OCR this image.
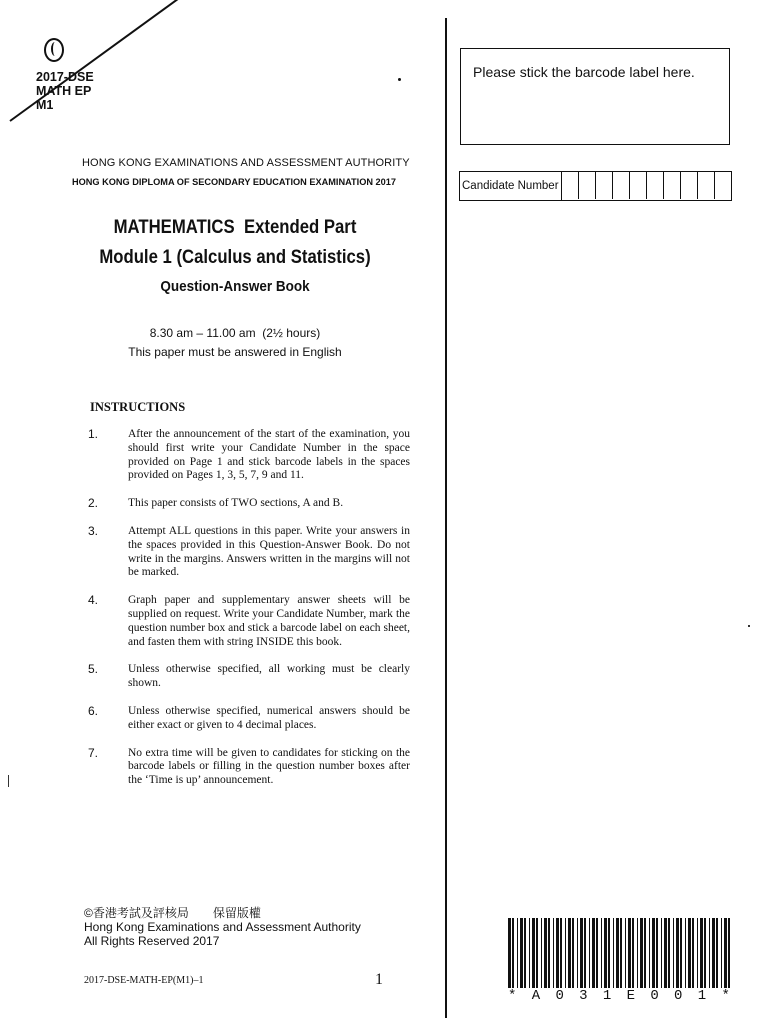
2017-DSE
MATH EP
M1
HONG KONG EXAMINATIONS AND ASSESSMENT AUTHORITY
HONG KONG DIPLOMA OF SECONDARY EDUCATION EXAMINATION 2017
Please stick the barcode label here.
Candidate Number
MATHEMATICS  Extended Part
Module 1 (Calculus and Statistics)
Question-Answer Book
8.30 am – 11.00 am  (2½ hours)
This paper must be answered in English
INSTRUCTIONS
1.	After the announcement of the start of the examination, you should first write your Candidate Number in the space provided on Page 1 and stick barcode labels in the spaces provided on Pages 1, 3, 5, 7, 9 and 11.
2.	This paper consists of TWO sections, A and B.
3.	Attempt ALL questions in this paper. Write your answers in the spaces provided in this Question-Answer Book. Do not write in the margins. Answers written in the margins will not be marked.
4.	Graph paper and supplementary answer sheets will be supplied on request. Write your Candidate Number, mark the question number box and stick a barcode label on each sheet, and fasten them with string INSIDE this book.
5.	Unless otherwise specified, all working must be clearly shown.
6.	Unless otherwise specified, numerical answers should be either exact or given to 4 decimal places.
7.	No extra time will be given to candidates for sticking on the barcode labels or filling in the question number boxes after the ‘Time is up’ announcement.
©香港考試及評核局　　保留版權
Hong Kong Examinations and Assessment Authority
All Rights Reserved 2017
2017-DSE-MATH-EP(M1)–1	1
* A 0 3 1 E 0 0 1 *
